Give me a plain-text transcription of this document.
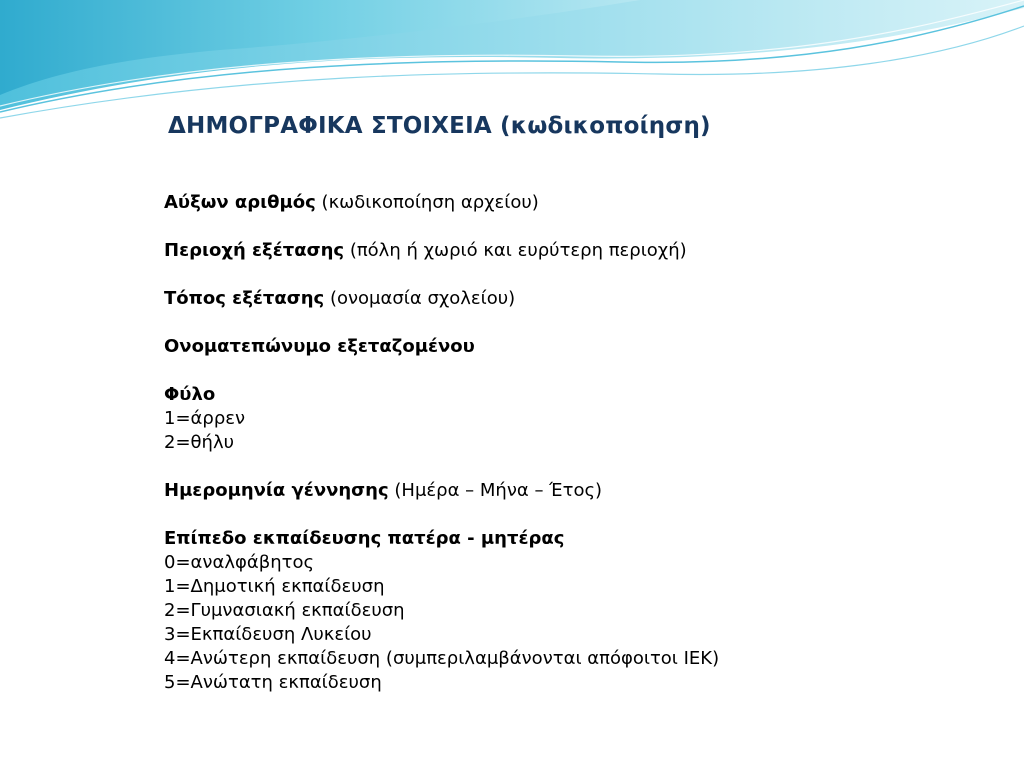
ΔΗΜΟΓΡΑΦΙΚΑ ΣΤΟΙΧΕΙΑ (κωδικοποίηση)
Αύξων αριθμός (κωδικοποίηση αρχείου)
Περιοχή εξέτασης (πόλη ή χωριό και ευρύτερη περιοχή)
Τόπος εξέτασης (ονομασία σχολείου)
Ονοματεπώνυμο εξεταζομένου
Φύλο
1=άρρεν
2=θήλυ
Ημερομηνία γέννησης (Ημέρα – Μήνα – Έτος)
Επίπεδο εκπαίδευσης πατέρα - μητέρας
0=αναλφάβητος
1=Δημοτική εκπαίδευση
2=Γυμνασιακή εκπαίδευση
3=Εκπαίδευση Λυκείου
4=Ανώτερη εκπαίδευση (συμπεριλαμβάνονται απόφοιτοι ΙΕΚ)
5=Ανώτατη εκπαίδευση
